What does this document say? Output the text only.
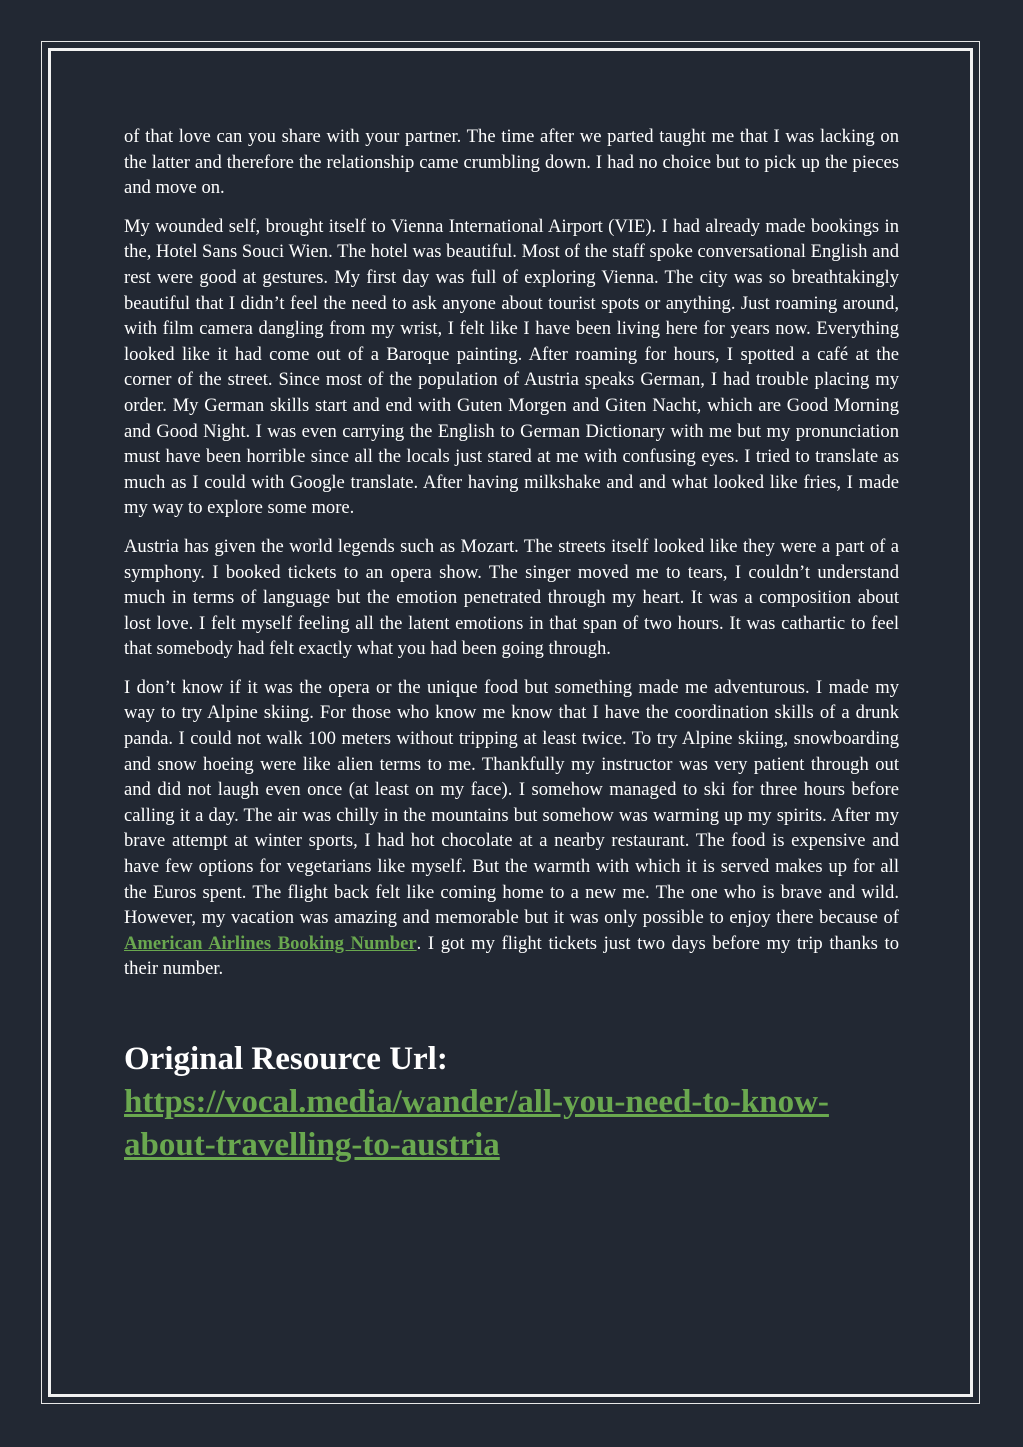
of that love can you share with your partner. The time after we parted taught me that I was lacking on the latter and therefore the relationship came crumbling down. I had no choice but to pick up the pieces and move on.

My wounded self, brought itself to Vienna International Airport (VIE). I had already made bookings in the, Hotel Sans Souci Wien. The hotel was beautiful. Most of the staff spoke conversational English and rest were good at gestures. My first day was full of exploring Vienna. The city was so breathtakingly beautiful that I didn’t feel the need to ask anyone about tourist spots or anything. Just roaming around, with film camera dangling from my wrist, I felt like I have been living here for years now. Everything looked like it had come out of a Baroque painting. After roaming for hours, I spotted a café at the corner of the street. Since most of the population of Austria speaks German, I had trouble placing my order. My German skills start and end with Guten Morgen and Giten Nacht, which are Good Morning and Good Night. I was even carrying the English to German Dictionary with me but my pronunciation must have been horrible since all the locals just stared at me with confusing eyes. I tried to translate as much as I could with Google translate. After having milkshake and and what looked like fries, I made my way to explore some more.

Austria has given the world legends such as Mozart. The streets itself looked like they were a part of a symphony. I booked tickets to an opera show. The singer moved me to tears, I couldn’t understand much in terms of language but the emotion penetrated through my heart. It was a composition about lost love. I felt myself feeling all the latent emotions in that span of two hours. It was cathartic to feel that somebody had felt exactly what you had been going through.

I don’t know if it was the opera or the unique food but something made me adventurous. I made my way to try Alpine skiing. For those who know me know that I have the coordination skills of a drunk panda. I could not walk 100 meters without tripping at least twice. To try Alpine skiing, snowboarding and snow hoeing were like alien terms to me. Thankfully my instructor was very patient through out and did not laugh even once (at least on my face). I somehow managed to ski for three hours before calling it a day. The air was chilly in the mountains but somehow was warming up my spirits. After my brave attempt at winter sports, I had hot chocolate at a nearby restaurant. The food is expensive and have few options for vegetarians like myself. But the warmth with which it is served makes up for all the Euros spent. The flight back felt like coming home to a new me. The one who is brave and wild. However, my vacation was amazing and memorable but it was only possible to enjoy there because of American Airlines Booking Number. I got my flight tickets just two days before my trip thanks to their number.

Original Resource Url:

https://vocal.media/wander/all-you-need-to-know-about-travelling-to-austria
